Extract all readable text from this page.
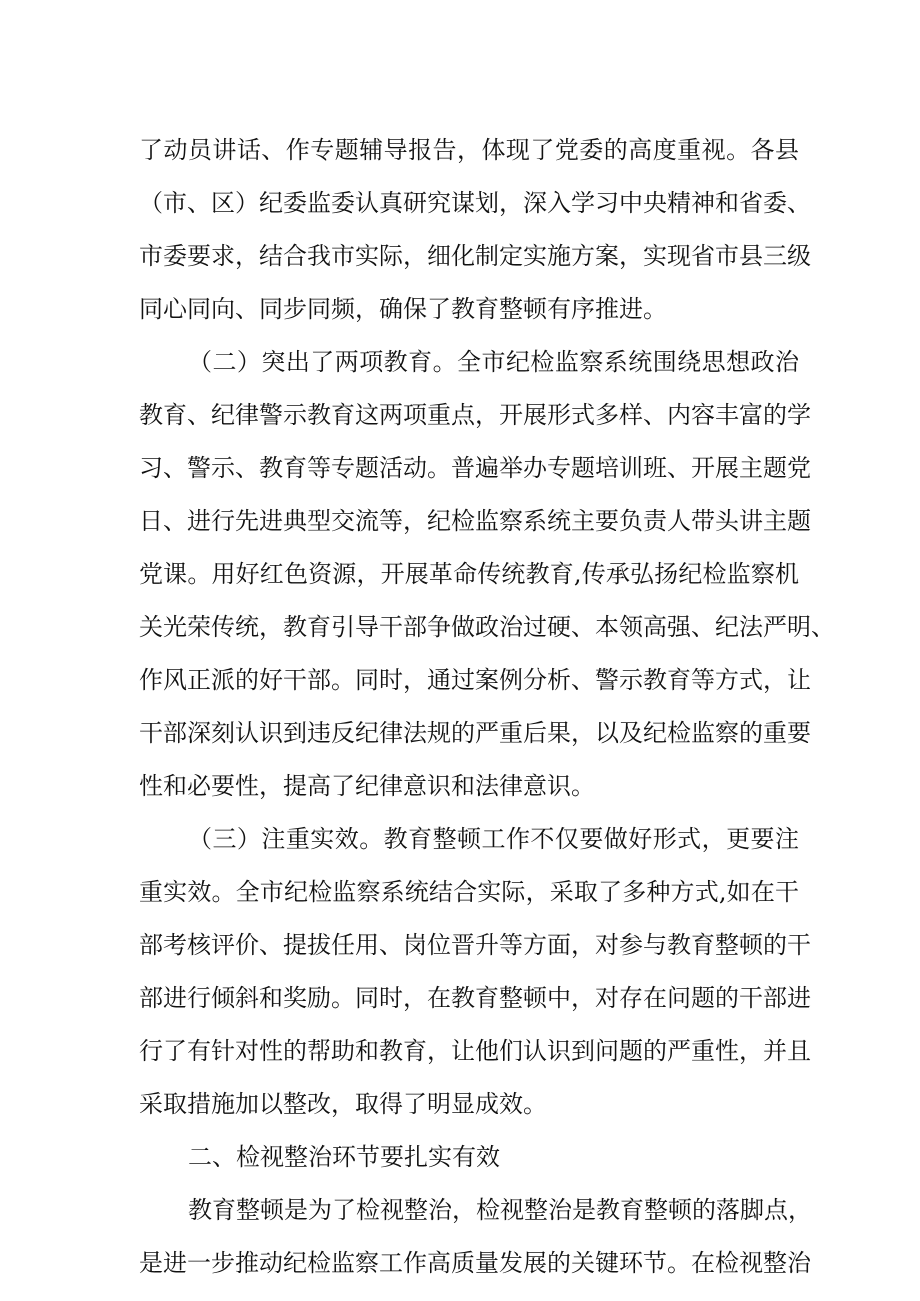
了动员讲话、作专题辅导报告，体现了党委的高度重视。各县
（市、区）纪委监委认真研究谋划，深入学习中央精神和省委、
市委要求，结合我市实际，细化制定实施方案，实现省市县三级
同心同向、同步同频，确保了教育整顿有序推进。
（二）突出了两项教育。全市纪检监察系统围绕思想政治
教育、纪律警示教育这两项重点，开展形式多样、内容丰富的学
习、警示、教育等专题活动。普遍举办专题培训班、开展主题党
日、进行先进典型交流等，纪检监察系统主要负责人带头讲主题
党课。用好红色资源，开展革命传统教育,传承弘扬纪检监察机
关光荣传统，教育引导干部争做政治过硬、本领高强、纪法严明、
作风正派的好干部。同时，通过案例分析、警示教育等方式，让
干部深刻认识到违反纪律法规的严重后果，以及纪检监察的重要
性和必要性，提高了纪律意识和法律意识。
（三）注重实效。教育整顿工作不仅要做好形式，更要注
重实效。全市纪检监察系统结合实际，采取了多种方式,如在干
部考核评价、提拔任用、岗位晋升等方面，对参与教育整顿的干
部进行倾斜和奖励。同时，在教育整顿中，对存在问题的干部进
行了有针对性的帮助和教育，让他们认识到问题的严重性，并且
采取措施加以整改，取得了明显成效。
二、检视整治环节要扎实有效
教育整顿是为了检视整治，检视整治是教育整顿的落脚点，
是进一步推动纪检监察工作高质量发展的关键环节。在检视整治
